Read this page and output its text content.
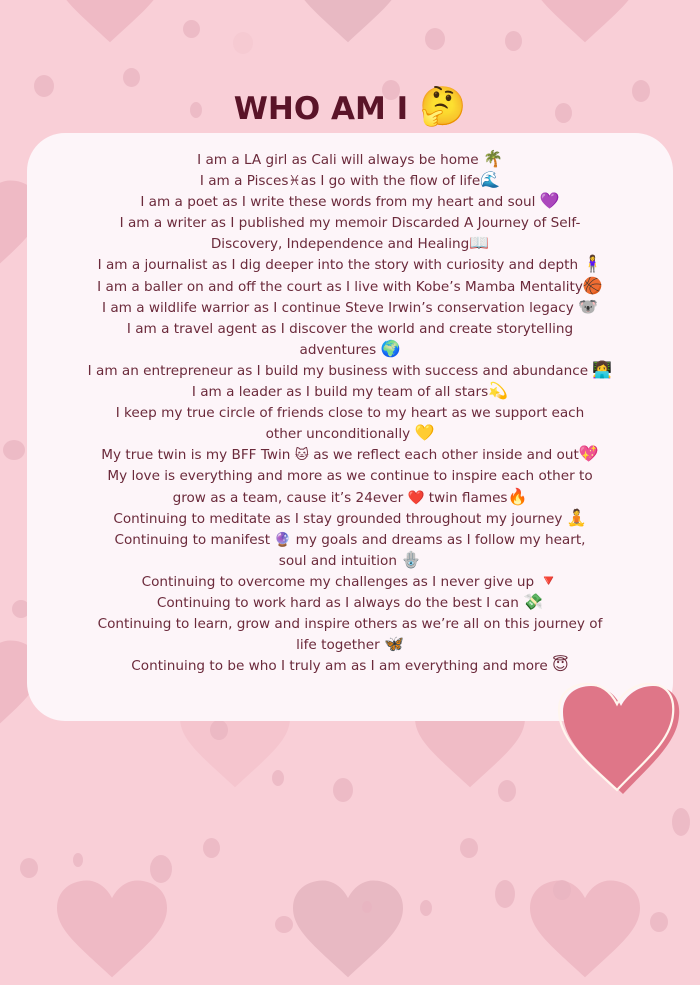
WHO AM I 🤔
I am a LA girl as Cali will always be home 🌴
I am a Pisces♓as I go with the flow of life🌊
I am a poet as I write these words from my heart and soul 💜
I am a writer as I published my memoir Discarded A Journey of Self-
Discovery, Independence and Healing📖
I am a journalist as I dig deeper into the story with curiosity and depth 🧍‍♀️
I am a baller on and off the court as I live with Kobe’s Mamba Mentality🏀
I am a wildlife warrior as I continue Steve Irwin’s conservation legacy 🐨
I am a travel agent as I discover the world and create storytelling
adventures 🌍
I am an entrepreneur as I build my business with success and abundance 👩‍💻
I am a leader as I build my team of all stars💫
I keep my true circle of friends close to my heart as we support each
other unconditionally 💛
My true twin is my BFF Twin 🐱 as we reflect each other inside and out💖
My love is everything and more as we continue to inspire each other to
grow as a team, cause it’s 24ever ❤️ twin flames🔥
Continuing to meditate as I stay grounded throughout my journey 🧘
Continuing to manifest 🔮 my goals and dreams as I follow my heart,
soul and intuition 🪬
Continuing to overcome my challenges as I never give up 🔻
Continuing to work hard as I always do the best I can 💸
Continuing to learn, grow and inspire others as we’re all on this journey of
life together 🦋
Continuing to be who I truly am as I am everything and more 😇
